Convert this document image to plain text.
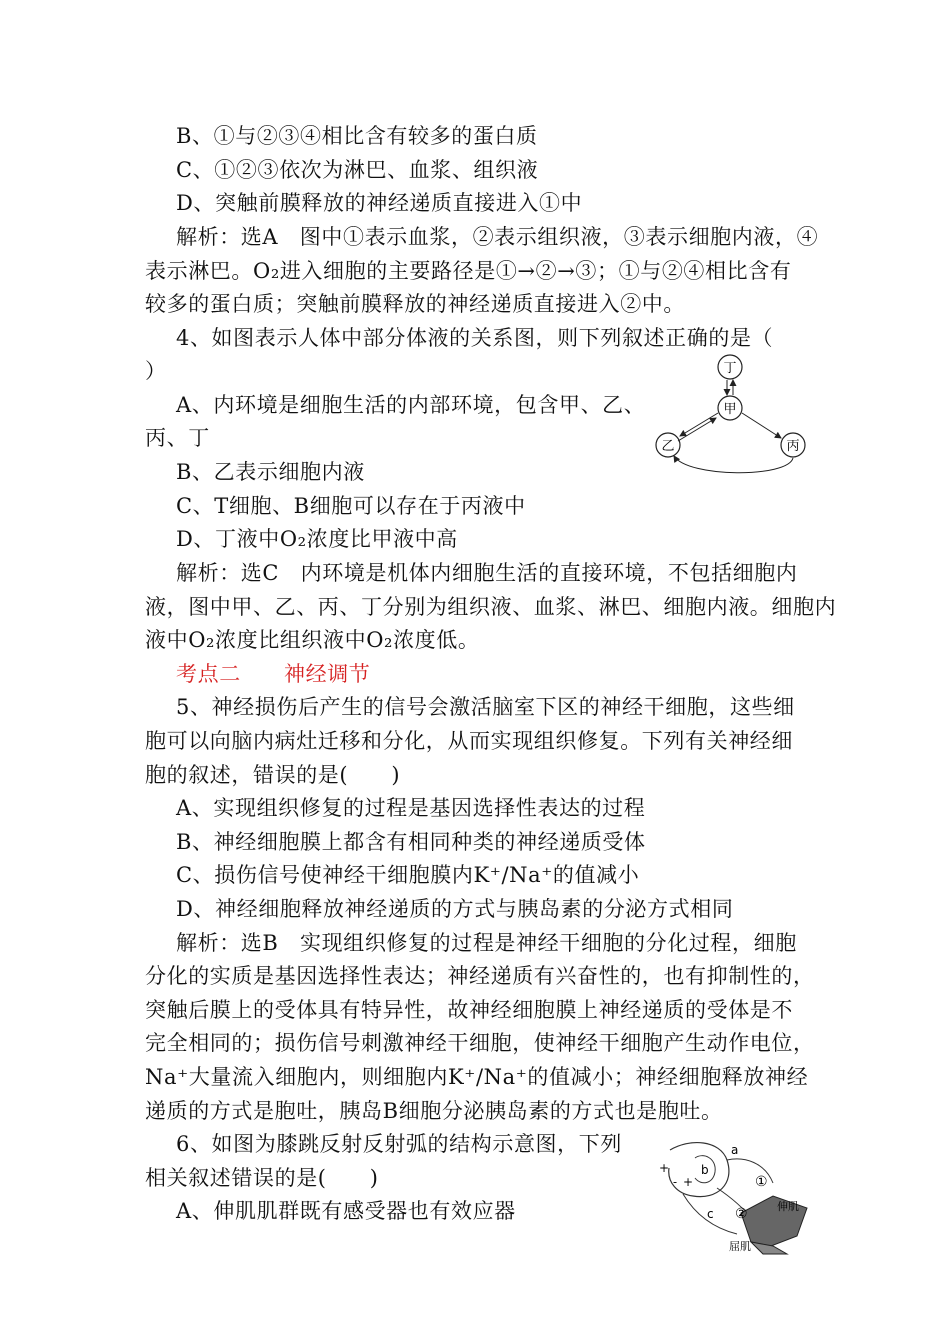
B、①与②③④相比含有较多的蛋白质
C、①②③依次为淋巴、血浆、组织液
D、突触前膜释放的神经递质直接进入①中
解析：选A　图中①表示血浆，②表示组织液，③表示细胞内液，④
表示淋巴。O₂进入细胞的主要路径是①→②→③；①与②④相比含有
较多的蛋白质；突触前膜释放的神经递质直接进入②中。
4、如图表示人体中部分体液的关系图，则下列叙述正确的是（
）
A、内环境是细胞生活的内部环境，包含甲、乙、
丙、丁
B、乙表示细胞内液
C、T细胞、B细胞可以存在于丙液中
D、丁液中O₂浓度比甲液中高
解析：选C　内环境是机体内细胞生活的直接环境，不包括细胞内
液，图中甲、乙、丙、丁分别为组织液、血浆、淋巴、细胞内液。细胞内
液中O₂浓度比组织液中O₂浓度低。
考点二　　神经调节
5、神经损伤后产生的信号会激活脑室下区的神经干细胞，这些细
胞可以向脑内病灶迁移和分化，从而实现组织修复。下列有关神经细
胞的叙述，错误的是(　　)
A、实现组织修复的过程是基因选择性表达的过程
B、神经细胞膜上都含有相同种类的神经递质受体
C、损伤信号使神经干细胞膜内K⁺/Na⁺的值减小
D、神经细胞释放神经递质的方式与胰岛素的分泌方式相同
解析：选B　实现组织修复的过程是神经干细胞的分化过程，细胞
分化的实质是基因选择性表达；神经递质有兴奋性的，也有抑制性的，
突触后膜上的受体具有特异性，故神经细胞膜上神经递质的受体是不
完全相同的；损伤信号刺激神经干细胞，使神经干细胞产生动作电位，
Na⁺大量流入细胞内，则细胞内K⁺/Na⁺的值减小；神经细胞释放神经
递质的方式是胞吐，胰岛B细胞分泌胰岛素的方式也是胞吐。
6、如图为膝跳反射反射弧的结构示意图，下列
相关叙述错误的是(　　)
A、伸肌肌群既有感受器也有效应器
丁
甲
乙	丙
+
- +
b
a
c
①
②	伸肌
屈肌
